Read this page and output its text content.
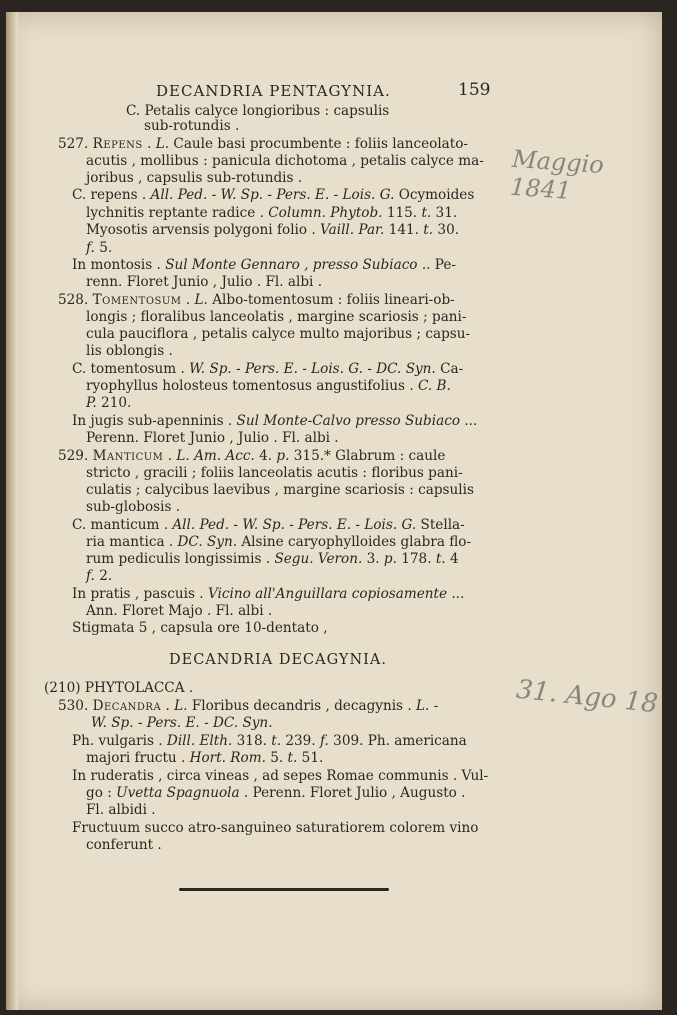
DECANDRIA PENTAGYNIA.	159
Maggio 1841
31. Ago 18
C. Petalis calyce longioribus : capsulis
sub-rotundis .
527. Repens . L. Caule basi procumbente : foliis lanceolato-
acutis , mollibus : panicula dichotoma , petalis calyce ma-
joribus , capsulis sub-rotundis .
C. repens . All. Ped. - W. Sp. - Pers. E. - Lois. G. Ocymoides
lychnitis reptante radice . Column. Phytob. 115. t. 31.
Myosotis arvensis polygoni folio . Vaill. Par. 141. t. 30.
f. 5.
In montosis . Sul Monte Gennaro , presso Subiaco .. Pe-
renn. Floret Junio , Julio . Fl. albi .
528. Tomentosum . L. Albo-tomentosum : foliis lineari-ob-
longis ; floralibus lanceolatis , margine scariosis ; pani-
cula pauciflora , petalis calyce multo majoribus ; capsu-
lis oblongis .
C. tomentosum . W. Sp. - Pers. E. - Lois. G. - DC. Syn. Ca-
ryophyllus holosteus tomentosus angustifolius . C. B.
P. 210.
In jugis sub-apenninis . Sul Monte-Calvo presso Subiaco ...
Perenn. Floret Junio , Julio . Fl. albi .
529. Manticum . L. Am. Acc. 4. p. 315.* Glabrum : caule
stricto , gracili ; foliis lanceolatis acutis : floribus pani-
culatis ; calycibus laevibus , margine scariosis : capsulis
sub-globosis .
C. manticum . All. Ped. - W. Sp. - Pers. E. - Lois. G. Stella-
ria mantica . DC. Syn. Alsine caryophylloides glabra flo-
rum pediculis longissimis . Segu. Veron. 3. p. 178. t. 4
f. 2.
In pratis , pascuis . Vicino all'Anguillara copiosamente ...
Ann. Floret Majo . Fl. albi .
Stigmata 5 , capsula ore 10-dentato ,
DECANDRIA DECAGYNIA.
(210) PHYTOLACCA .
530. Decandra . L. Floribus decandris , decagynis . L. -
W. Sp. - Pers. E. - DC. Syn.
Ph. vulgaris . Dill. Elth. 318. t. 239. f. 309. Ph. americana
majori fructu . Hort. Rom. 5. t. 51.
In ruderatis , circa vineas , ad sepes Romae communis . Vul-
go : Uvetta Spagnuola . Perenn. Floret Julio , Augusto .
Fl. albidi .
Fructuum succo atro-sanguineo saturatiorem colorem vino
conferunt .
